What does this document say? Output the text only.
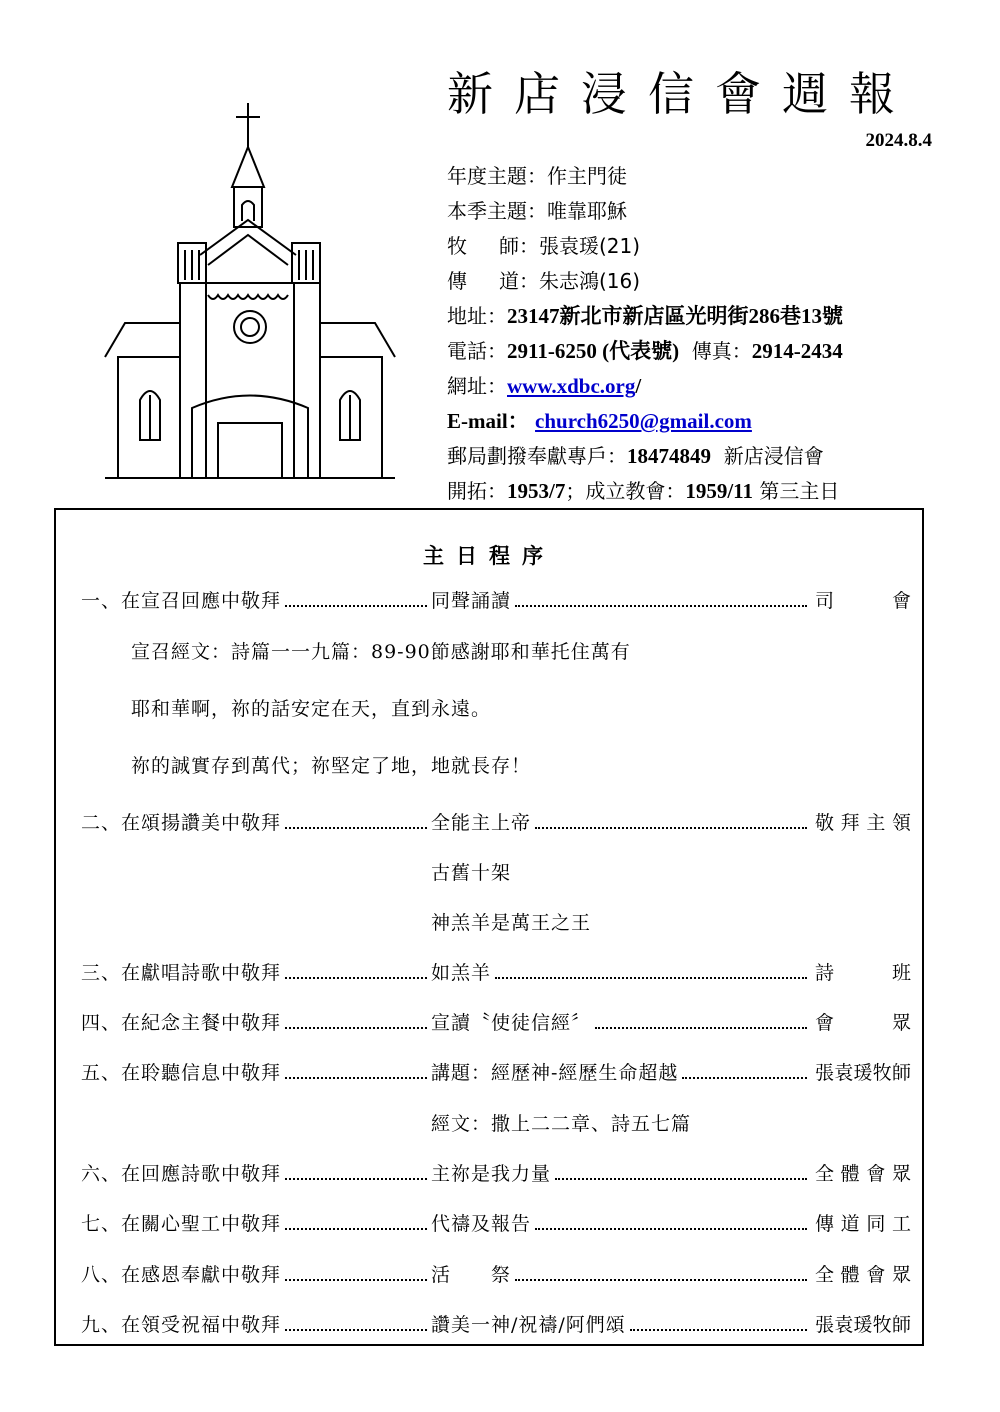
新店浸信會週報
2024.8.4
年度主題：作主門徒
本季主題：唯靠耶穌
牧　師：張袁瑗(21)
傳　道：朱志鴻(16)
地址：23147新北市新店區光明街286巷13號
電話：2911-6250 (代表號) 傳真：2914-2434
網址：www.xdbc.org/
E-mail： church6250@gmail.com
郵局劃撥奉獻專戶：18474849 新店浸信會
開拓：1953/7；成立教會：1959/11 第三主日
主日程序
一、在宣召回應中敬拜	同聲誦讀	司會
宣召經文：詩篇一一九篇：89-90節感謝耶和華托住萬有
耶和華啊，祢的話安定在天，直到永遠。
祢的誠實存到萬代；祢堅定了地，地就長存！
二、在頌揚讚美中敬拜	全能主上帝	敬拜主領
古舊十架
神羔羊是萬王之王
三、在獻唱詩歌中敬拜	如羔羊	詩班
四、在紀念主餐中敬拜	宣讀〝使徒信經〞	會眾
五、在聆聽信息中敬拜	講題：經歷神-經歷生命超越	張袁瑗牧師
經文：撒上二二章、詩五七篇
六、在回應詩歌中敬拜	主祢是我力量	全體會眾
七、在關心聖工中敬拜	代禱及報告	傳道同工
八、在感恩奉獻中敬拜	活　　祭	全體會眾
九、在領受祝福中敬拜	讚美一神/祝禱/阿們頌	張袁瑗牧師
